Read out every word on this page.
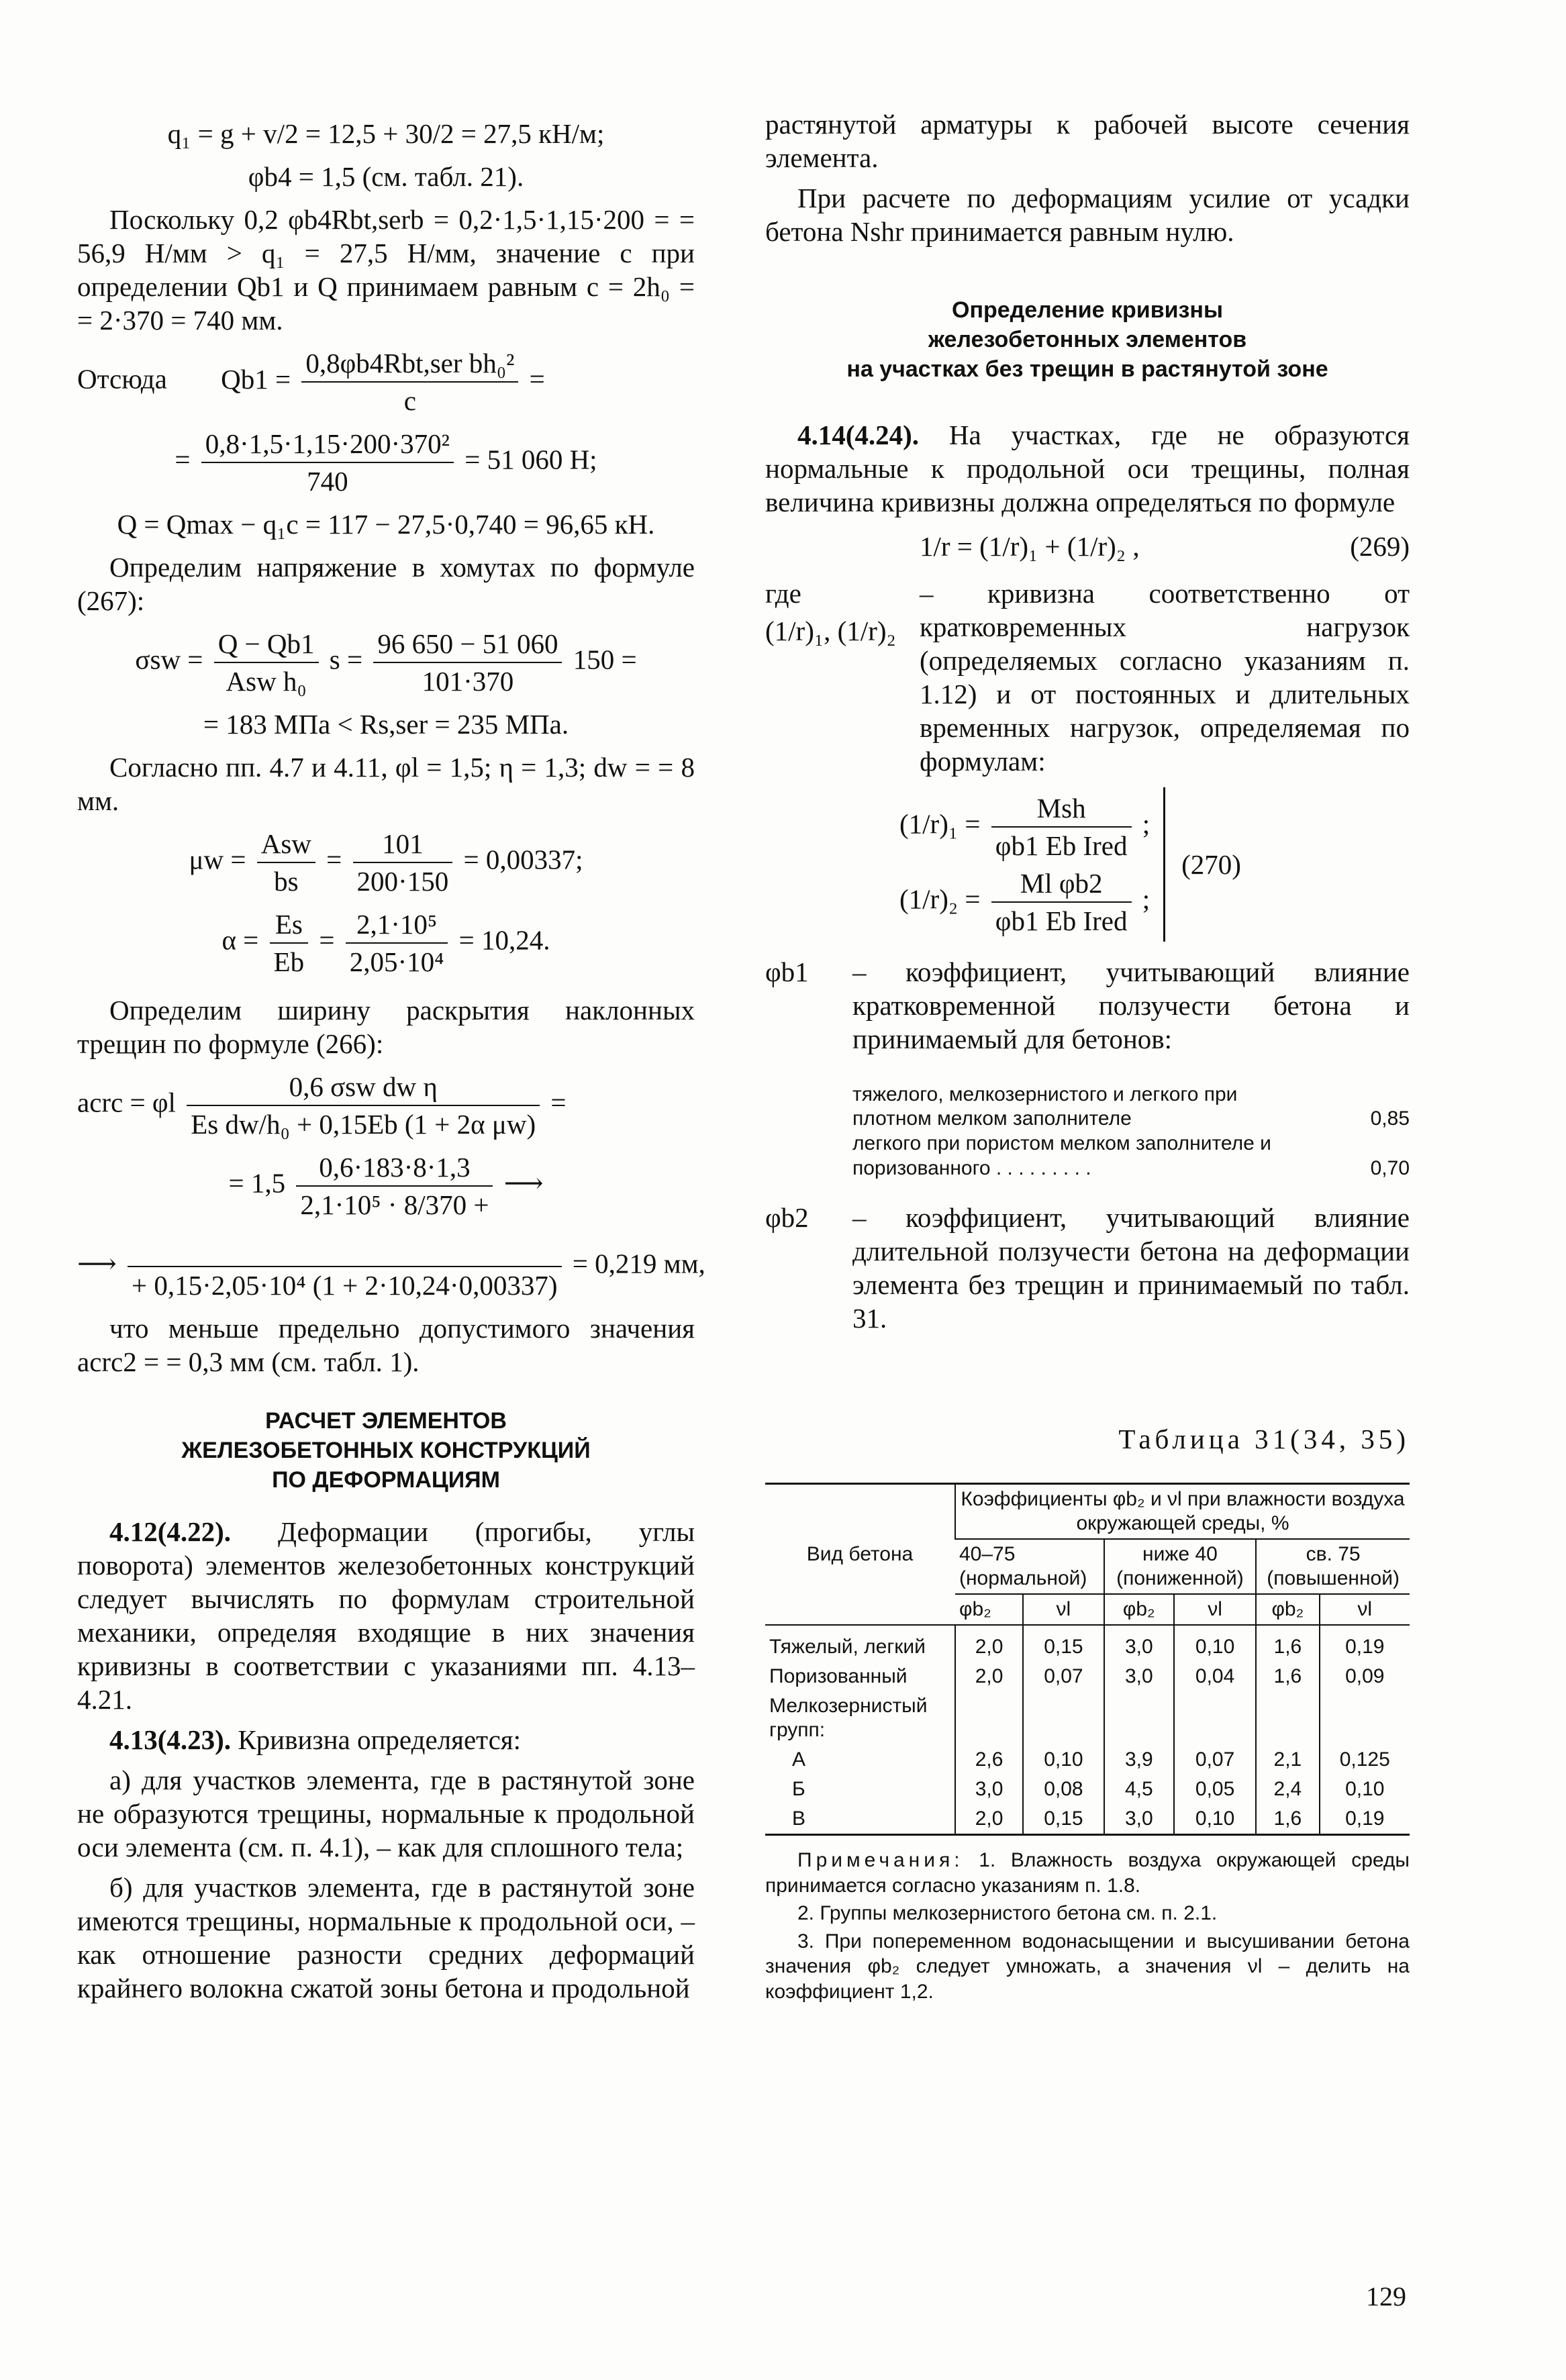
q₁ = g + v/2 = 12,5 + 30/2 = 27,5 кН/м;
φb4 = 1,5 (см. табл. 21).

Поскольку 0,2 φb4Rbt,serb = 0,2·1,5·1,15·200 = = 56,9 Н/мм > q₁ = 27,5 Н/мм, значение c при определении Qb1 и Q принимаем равным c = 2h₀ = = 2·370 = 740 мм.

Отсюда $Qb1 = \frac{\text{0,8φb4Rbt,ser bh₀²}}{c}$ =
= $\frac{\text{0,8·1,5·1,15·200·370²}}{740} = 51$ 060 Н;
Q = Qmax − q₁c = 117 − 27,5·0,740 = 96,65 кН.

Определим напряжение в хомутах по формуле (267):

$\sigma sw = \frac{Q - Qb1}{\text{Asw h₀}}$ $s = \frac{96 650 - 51 060}{101\cdot 370} 150$ =
= 183 МПа < Rs,ser = 235 МПа.

Согласно пп. 4.7 и 4.11, φl = 1,5; η = 1,3; dw = = 8 мм.

$\mu w = \frac{\text{Asw}}{bs} = \frac{101}{200\cdot 150} = 0,00337$;
$\alpha = \frac{Es}{Eb} = \frac{\text{2,1·10⁵}}{\text{2,05·10⁴}} = 10,24$.

Определим ширину раскрытия наклонных трещин по формуле (266):

acrc = φl $\frac{\text{0,6 σsw dw η}}{\text{Es dw/h₀ + 0,15Eb (1 + 2α μw)}}$ =
= $1,5 \frac{0,6\cdot 183\cdot 8\cdot 1,3}{\text{2,1·10⁵ · 8/370 +}}$ ⟶
⟶

+ 0,15·2,05·10⁴ (1 + 2·10,24·0,00337)
= 0,219 мм,

что меньше предельно допустимого значения acrc2 = = 0,3 мм (см. табл. 1).

РАСЧЕТ ЭЛЕМЕНТОВ
ЖЕЛЕЗОБЕТОННЫХ КОНСТРУКЦИЙ
ПО ДЕФОРМАЦИЯМ

4.12(4.22). Деформации (прогибы, углы поворота) элементов железобетонных конструкций следует вычислять по формулам строительной механики, определяя входящие в них значения кривизны в соответствии с указаниями пп. 4.13–4.21.

4.13(4.23). Кривизна определяется:

а) для участков элемента, где в растянутой зоне не образуются трещины, нормальные к продольной оси элемента (см. п. 4.1), – как для сплошного тела;

б) для участков элемента, где в растянутой зоне имеются трещины, нормальные к продольной оси, – как отношение разности средних деформаций крайнего волокна сжатой зоны бетона и продольной

растянутой арматуры к рабочей высоте сечения элемента.

При расчете по деформациям усилие от усадки бетона Nshr принимается равным нулю.

Определение кривизны
железобетонных элементов
на участках без трещин в растянутой зоне

4.14(4.24). На участках, где не образуются нормальные к продольной оси трещины, полная величина кривизны должна определяться по формуле

1/r = (1/r)₁ + (1/r)₂ ,	(269)
где
(1/r)₁, (1/r)₂
– кривизна соответственно от кратковременных нагрузок (определяемых согласно указаниям п. 1.12) и от постоянных и длительных временных нагрузок, определяемая по формулам:
$(1/r)_1 = \frac{\text{Msh}}{\text{φb1 Eb Ired}}$ ;
$(1/r)_2 = \frac{\text{Ml φb2}}{\text{φb1 Eb Ired}}$ ;
(270)
φb1	– коэффициент, учитывающий влияние кратковременной ползучести бетона и принимаемый для бетонов:
тяжелого, мелкозернистого и легкого при плотном мелком заполнителе	0,85
легкого при пористом мелком заполнителе и поризованного . . . . . . . . .	0,70
φb2	– коэффициент, учитывающий влияние длительной ползучести бетона на деформации элемента без трещин и принимаемый по табл. 31.
Таблица 31(34, 35)
Вид бетона	Коэффициенты φb₂ и νl при влажности воздуха окружающей среды, %					
	40–75 (нормальной)		ниже 40 (пониженной)		св. 75 (повышенной)	
	φb₂	νl	φb₂	νl	φb₂	νl
Тяжелый, легкий	2,0	0,15	3,0	0,10	1,6	0,19
Поризованный	2,0	0,07	3,0	0,04	1,6	0,09
Мелкозернистый групп:						
А	2,6	0,10	3,9	0,07	2,1	0,125
Б	3,0	0,08	4,5	0,05	2,4	0,10
В	2,0	0,15	3,0	0,10	1,6	0,19

Примечания: 1. Влажность воздуха окружающей среды принимается согласно указаниям п. 1.8.

2. Группы мелкозернистого бетона см. п. 2.1.

3. При попеременном водонасыщении и высушивании бетона значения φb₂ следует умножать, а значения νl – делить на коэффициент 1,2.

129
